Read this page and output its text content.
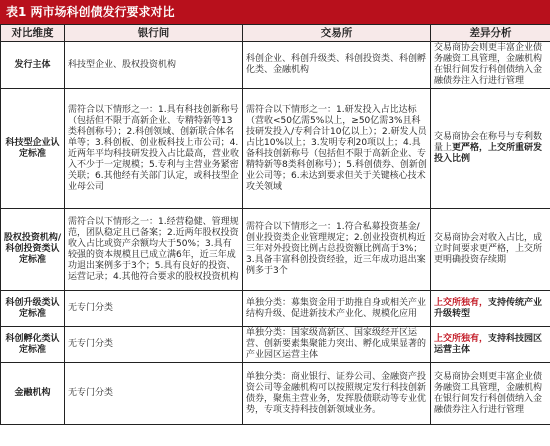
表1 两市场科创债发行要求对比
对比维度	银行间	交易所	差异分析
发行主体	科技型企业、股权投资机构	科创企业、科创升级类、科创投资类、科创孵化类、金融机构	交易商协会则更丰富企业债务融资工具管理，金融机构在银行间发行科创债纳入金融债券注入行进行管理
科技型企业认定标准	需符合以下情形之一：1.具有科技创新称号（包括但不限于高新企业、专精特新等13类科创称号）；2.科创领域、创新联合体名单等；3.科创板、创业板科技上市公司；4.近两年平均科技研发投入占比最高，营业收入不少于一定规模；5.专利与主营业务紧密关联；6.其他经有关部门认定，或科技型企业母公司	需符合以下情形之一：1.研发投入占比达标（营收<50亿需5%以上，≥50亿需3%且科技研发投入/专利合计10亿以上）；2.研发人员占比10%以上；3.发明专利20项以上；4.具备科技创新称号（包括但不限于高新企业、专精特新等8类科创称号）；5.科创债券、创新创业公司等；6.未达到要求但关于关键核心技术攻关领域	交易商协会在称号与专利数量上更严格，上交所重研发投入比例
股权投资机构/科创投资类认定标准	需符合以下情形之一：1.经营稳健、管理规范，团队稳定且已备案；2.近两年股权投资收入占比或资产余额均大于50%；3.具有较强的资本规模且已成立满6年，近三年成功退出案例多于3个；5.具有良好的投资、运营记录；4.其他符合要求的股权投资机构	需符合以下情形之一：1.符合私募投资基金/创业投资类企业管理规定；2.创业投资机构近三年对外投资比例占总投资额比例高于3%；3.具备丰富科创投资经验，近三年成功退出案例多于3个	交易商协会对收入占比，成立时间要求更严格，上交所更明确投资存续期
科创升级类认定标准	无专门分类	单独分类：募集资金用于助推自身或相关产业结构升级、促进新技术产业化、规模化应用	上交所独有，支持传统产业升级转型
科创孵化类认定标准	无专门分类	单独分类：国家级高新区、国家级经开区运营、创新要素集聚能力突出、孵化成果显著的产业园区运营主体	上交所独有，支持科技园区运营主体
金融机构	无专门分类	单独分类：商业银行、证券公司、金融资产投资公司等金融机构可以按照规定发行科技创新债券，聚焦主营业务，发挥股债联动等专业优势，专项支持科技创新领域业务。	交易商协会则更丰富企业债务融资工具管理，金融机构在银行间发行科创债纳入金融债券注入行进行管理
